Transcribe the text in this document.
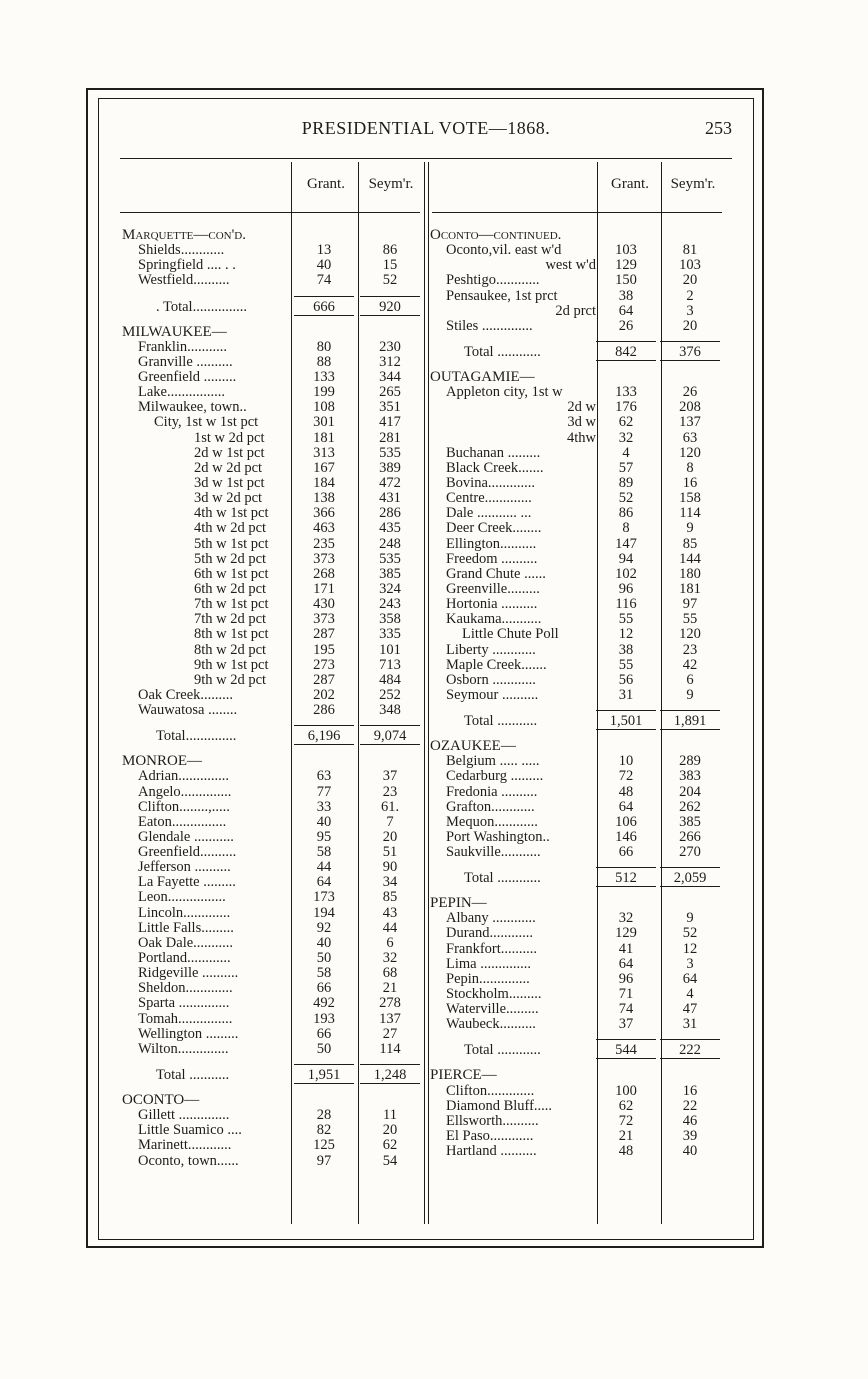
PRESIDENTIAL VOTE—1868.	253
Grant.	Seym'r.	Grant.	Seym'r.
Marquette—con'd.
Shields............	13	86
Springfield .... . .	40	15
Westfield..........	74	52
. Total...............	666	920
MILWAUKEE—
Franklin...........	80	230
Granville ..........	88	312
Greenfield .........	133	344
Lake................	199	265
Milwaukee, town..	108	351
City, 1st w 1st pct	301	417
1st w 2d pct	181	281
2d w 1st pct	313	535
2d w 2d pct	167	389
3d w 1st pct	184	472
3d w 2d pct	138	431
4th w 1st pct	366	286
4th w 2d pct	463	435
5th w 1st pct	235	248
5th w 2d pct	373	535
6th w 1st pct	268	385
6th w 2d pct	171	324
7th w 1st pct	430	243
7th w 2d pct	373	358
8th w 1st pct	287	335
8th w 2d pct	195	101
9th w 1st pct	273	713
9th w 2d pct	287	484
Oak Creek.........	202	252
Wauwatosa ........	286	348
Total..............	6,196	9,074
MONROE—
Adrian..............	63	37
Angelo..............	77	23
Clifton........,.....	33	61.
Eaton...............	40	7
Glendale ...........	95	20
Greenfield..........	58	51
Jefferson ..........	44	90
La Fayette .........	64	34
Leon................	173	85
Lincoln.............	194	43
Little Falls.........	92	44
Oak Dale...........	40	6
Portland............	50	32
Ridgeville ..........	58	68
Sheldon.............	66	21
Sparta ..............	492	278
Tomah...............	193	137
Wellington .........	66	27
Wilton..............	50	114
Total ...........	1,951	1,248
OCONTO—
Gillett ..............	28	11
Little Suamico ....	82	20
Marinett............	125	62
Oconto, town......	97	54
Oconto—continued.
Oconto,vil. east w'd	103	81
west w'd	129	103
Peshtigo............	150	20
Pensaukee, 1st prct	38	2
2d prct	64	3
Stiles ..............	26	20
Total ............	842	376
OUTAGAMIE—
Appleton city, 1st w	133	26
2d w	176	208
3d w	62	137
4thw	32	63
Buchanan .........	4	120
Black Creek.......	57	8
Bovina.............	89	16
Centre.............	52	158
Dale ........... ...	86	114
Deer Creek........	8	9
Ellington..........	147	85
Freedom ..........	94	144
Grand Chute ......	102	180
Greenville.........	96	181
Hortonia ..........	116	97
Kaukama...........	55	55
Little Chute Poll	12	120
Liberty ............	38	23
Maple Creek.......	55	42
Osborn ............	56	6
Seymour ..........	31	9
Total ...........	1,501	1,891
OZAUKEE—
Belgium ..... .....	10	289
Cedarburg .........	72	383
Fredonia ..........	48	204
Grafton............	64	262
Mequon............	106	385
Port Washington..	146	266
Saukville...........	66	270
Total ............	512	2,059
PEPIN—
Albany ............	32	9
Durand............	129	52
Frankfort..........	41	12
Lima ..............	64	3
Pepin..............	96	64
Stockholm.........	71	4
Waterville.........	74	47
Waubeck..........	37	31
Total ............	544	222
PIERCE—
Clifton.............	100	16
Diamond Bluff.....	62	22
Ellsworth..........	72	46
El Paso............	21	39
Hartland ..........	48	40
